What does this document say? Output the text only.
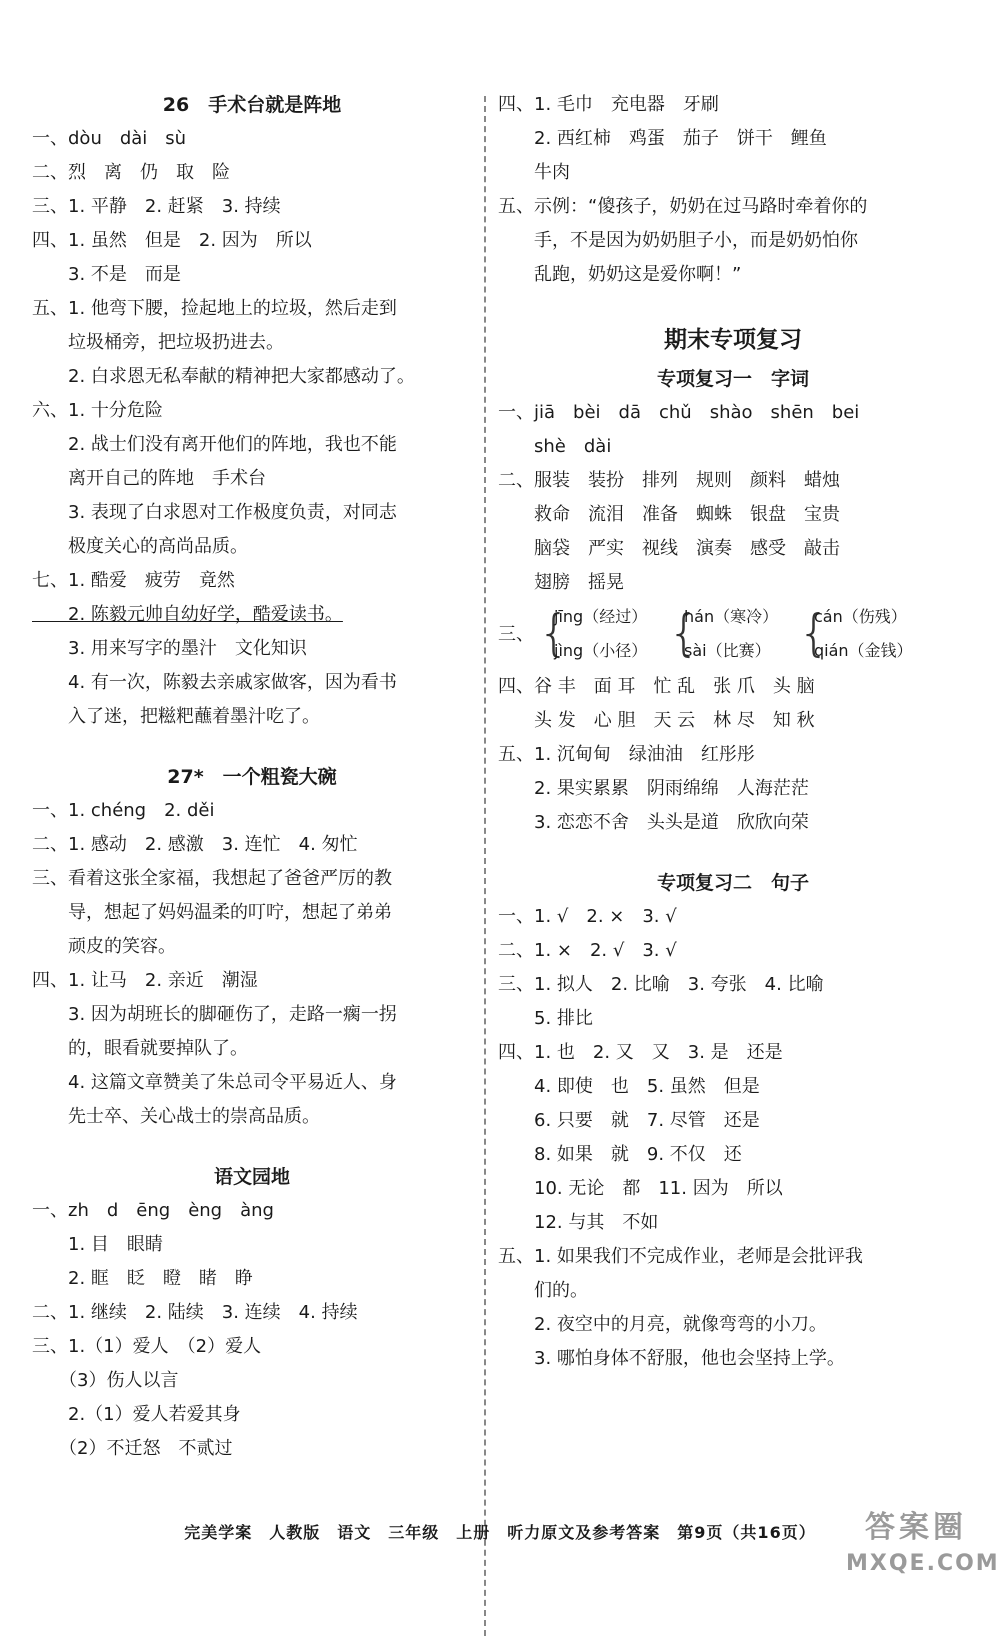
26　手术台就是阵地
一、dòu　dài　sù
二、烈　离　仍　取　险
三、1. 平静　2. 赶紧　3. 持续
四、1. 虽然　但是　2. 因为　所以
　　3. 不是　而是
五、1. 他弯下腰，捡起地上的垃圾，然后走到
　　垃圾桶旁，把垃圾扔进去。
　　2. 白求恩无私奉献的精神把大家都感动了。
六、1. 十分危险
　　2. 战士们没有离开他们的阵地，我也不能
　　离开自己的阵地　手术台
　　3. 表现了白求恩对工作极度负责，对同志
　　极度关心的高尚品质。
七、1. 酷爱　疲劳　竟然
　　2. 陈毅元帅自幼好学，酷爱读书。
　　3. 用来写字的墨汁　文化知识
　　4. 有一次，陈毅去亲戚家做客，因为看书
　　入了迷，把糍粑蘸着墨汁吃了。
27*　一个粗瓷大碗
一、1. chéng　2. děi
二、1. 感动　2. 感激　3. 连忙　4. 匆忙
三、看着这张全家福，我想起了爸爸严厉的教
　　导，想起了妈妈温柔的叮咛，想起了弟弟
　　顽皮的笑容。
四、1. 让马　2. 亲近　潮湿
　　3. 因为胡班长的脚砸伤了，走路一瘸一拐
　　的，眼看就要掉队了。
　　4. 这篇文章赞美了朱总司令平易近人、身
　　先士卒、关心战士的崇高品质。
语文园地
一、zh　d　ēng　èng　àng
　　1. 目　眼睛
　　2. 眶　眨　瞪　睹　睁
二、1. 继续　2. 陆续　3. 连续　4. 持续
三、1.（1）爱人　（2）爱人
　　（3）伤人以言
　　2.（1）爱人若爱其身
　　（2）不迁怒　不贰过
四、1. 毛巾　充电器　牙刷
　　2. 西红柿　鸡蛋　茄子　饼干　鲤鱼
　　牛肉
五、示例：“傻孩子，奶奶在过马路时牵着你的
　　手，不是因为奶奶胆子小，而是奶奶怕你
　　乱跑，奶奶这是爱你啊！”
期末专项复习
专项复习一　字词
一、jiā　bèi　dā　chǔ　shào　shēn　bei
　　shè　dài
二、服装　装扮　排列　规则　颜料　蜡烛
　　救命　流泪　准备　蜘蛛　银盘　宝贵
　　脑袋　严实　视线　演奏　感受　敲击
　　翅膀　摇晃
三、 {
jīng（经过）
jìng（小径） {
hán（寒冷）
sài（比赛） {
cán（伤残）
qián（金钱）
四、谷 丰　面 耳　忙 乱　张 爪　头 脑
　　头 发　心 胆　天 云　林 尽　知 秋
五、1. 沉甸甸　绿油油　红彤彤
　　2. 果实累累　阴雨绵绵　人海茫茫
　　3. 恋恋不舍　头头是道　欣欣向荣
专项复习二　句子
一、1. √　2. ×　3. √
二、1. ×　2. √　3. √
三、1. 拟人　2. 比喻　3. 夸张　4. 比喻
　　5. 排比
四、1. 也　2. 又　又　3. 是　还是
　　4. 即使　也　5. 虽然　但是
　　6. 只要　就　7. 尽管　还是
　　8. 如果　就　9. 不仅　还
　　10. 无论　都　11. 因为　所以
　　12. 与其　不如
五、1. 如果我们不完成作业，老师是会批评我
　　们的。
　　2. 夜空中的月亮，就像弯弯的小刀。
　　3. 哪怕身体不舒服，他也会坚持上学。
完美学案　人教版　语文　三年级　上册　听力原文及参考答案　第9页（共16页）	答案圈
MXQE.COM
